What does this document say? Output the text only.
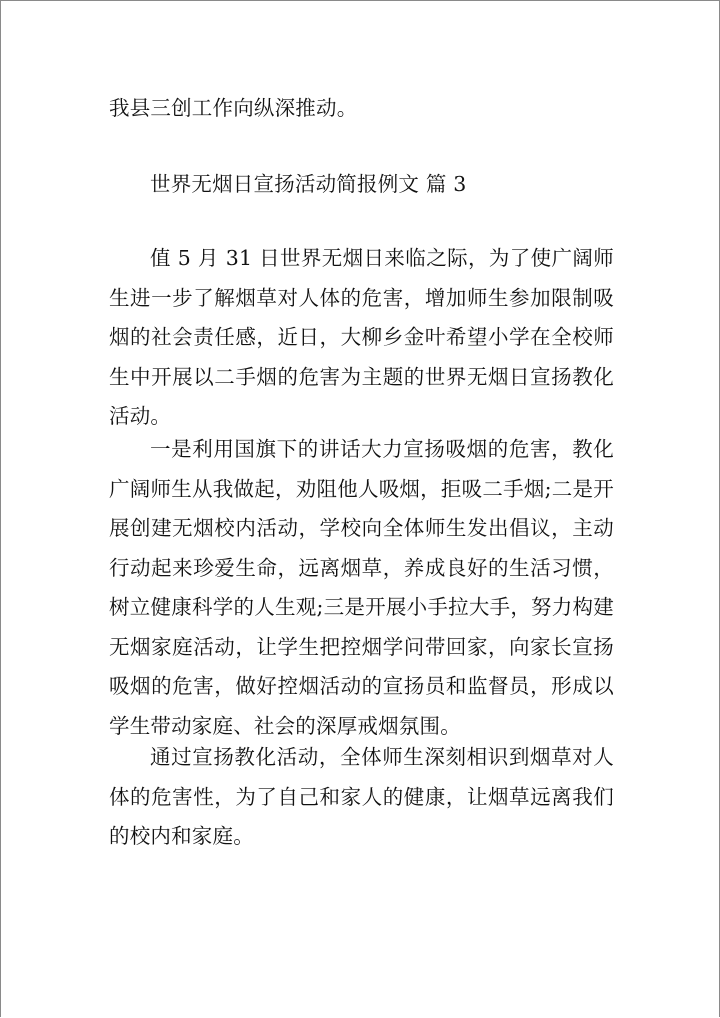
我县三创工作向纵深推动。

世界无烟日宣扬活动简报例文 篇 3

值 5 月 31 日世界无烟日来临之际，为了使广阔师生进一步了解烟草对人体的危害，增加师生参加限制吸烟的社会责任感，近日，大柳乡金叶希望小学在全校师生中开展以二手烟的危害为主题的世界无烟日宣扬教化活动。

一是利用国旗下的讲话大力宣扬吸烟的危害，教化广阔师生从我做起，劝阻他人吸烟，拒吸二手烟;二是开展创建无烟校内活动，学校向全体师生发出倡议，主动行动起来珍爱生命，远离烟草，养成良好的生活习惯，树立健康科学的人生观;三是开展小手拉大手，努力构建无烟家庭活动，让学生把控烟学问带回家，向家长宣扬吸烟的危害，做好控烟活动的宣扬员和监督员，形成以学生带动家庭、社会的深厚戒烟氛围。

通过宣扬教化活动，全体师生深刻相识到烟草对人体的危害性，为了自己和家人的健康，让烟草远离我们的校内和家庭。
